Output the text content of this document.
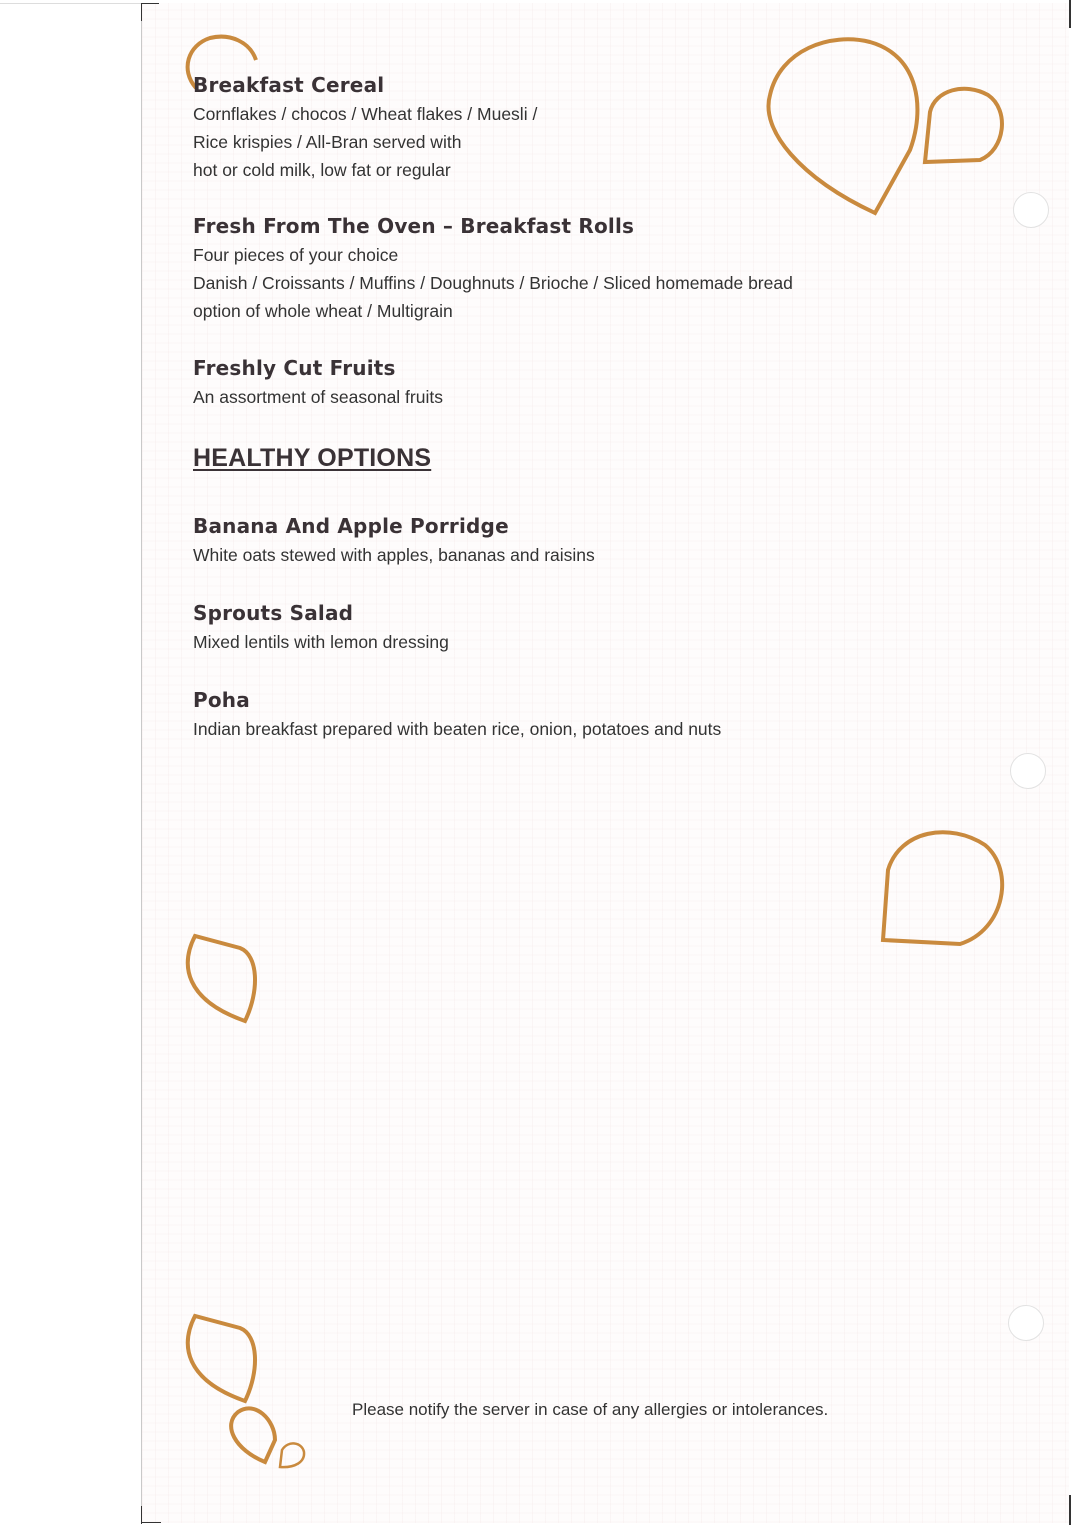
Breakfast Cereal

Cornflakes / chocos / Wheat flakes / Muesli /
Rice krispies / All-Bran served with
hot or cold milk, low fat or regular

Fresh From The Oven – Breakfast Rolls

Four pieces of your choice
Danish / Croissants / Muffins / Doughnuts / Brioche / Sliced homemade bread
option of whole wheat / Multigrain

Freshly Cut Fruits

An assortment of seasonal fruits

HEALTHY OPTIONS
Banana And Apple Porridge

White oats stewed with apples, bananas and raisins

Sprouts Salad

Mixed lentils with lemon dressing

Poha

Indian breakfast prepared with beaten rice, onion, potatoes and nuts

Please notify the server in case of any allergies or intolerances.
